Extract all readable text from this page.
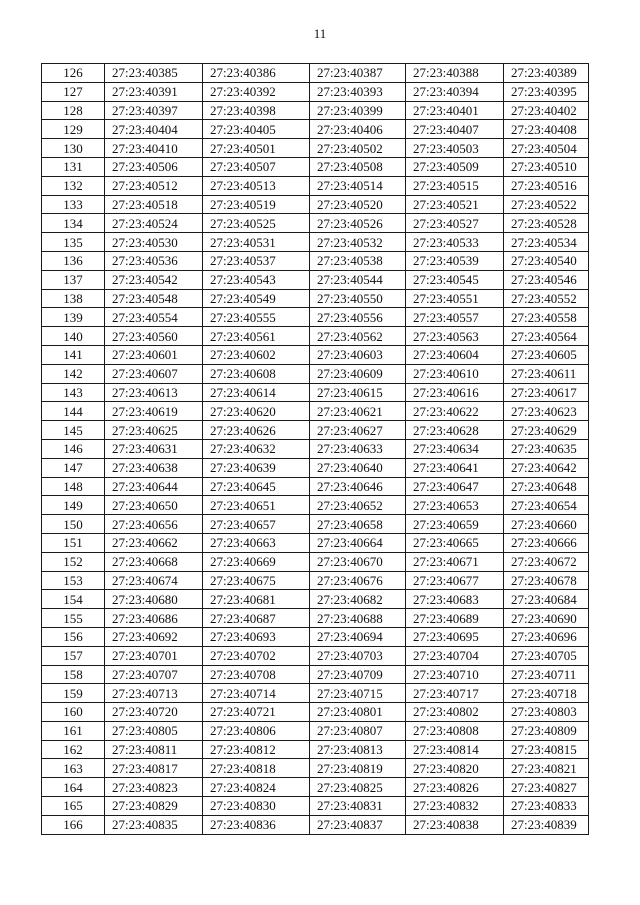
11
126	27:23:40385	27:23:40386	27:23:40387	27:23:40388	27:23:40389
127	27:23:40391	27:23:40392	27:23:40393	27:23:40394	27:23:40395
128	27:23:40397	27:23:40398	27:23:40399	27:23:40401	27:23:40402
129	27:23:40404	27:23:40405	27:23:40406	27:23:40407	27:23:40408
130	27:23:40410	27:23:40501	27:23:40502	27:23:40503	27:23:40504
131	27:23:40506	27:23:40507	27:23:40508	27:23:40509	27:23:40510
132	27:23:40512	27:23:40513	27:23:40514	27:23:40515	27:23:40516
133	27:23:40518	27:23:40519	27:23:40520	27:23:40521	27:23:40522
134	27:23:40524	27:23:40525	27:23:40526	27:23:40527	27:23:40528
135	27:23:40530	27:23:40531	27:23:40532	27:23:40533	27:23:40534
136	27:23:40536	27:23:40537	27:23:40538	27:23:40539	27:23:40540
137	27:23:40542	27:23:40543	27:23:40544	27:23:40545	27:23:40546
138	27:23:40548	27:23:40549	27:23:40550	27:23:40551	27:23:40552
139	27:23:40554	27:23:40555	27:23:40556	27:23:40557	27:23:40558
140	27:23:40560	27:23:40561	27:23:40562	27:23:40563	27:23:40564
141	27:23:40601	27:23:40602	27:23:40603	27:23:40604	27:23:40605
142	27:23:40607	27:23:40608	27:23:40609	27:23:40610	27:23:40611
143	27:23:40613	27:23:40614	27:23:40615	27:23:40616	27:23:40617
144	27:23:40619	27:23:40620	27:23:40621	27:23:40622	27:23:40623
145	27:23:40625	27:23:40626	27:23:40627	27:23:40628	27:23:40629
146	27:23:40631	27:23:40632	27:23:40633	27:23:40634	27:23:40635
147	27:23:40638	27:23:40639	27:23:40640	27:23:40641	27:23:40642
148	27:23:40644	27:23:40645	27:23:40646	27:23:40647	27:23:40648
149	27:23:40650	27:23:40651	27:23:40652	27:23:40653	27:23:40654
150	27:23:40656	27:23:40657	27:23:40658	27:23:40659	27:23:40660
151	27:23:40662	27:23:40663	27:23:40664	27:23:40665	27:23:40666
152	27:23:40668	27:23:40669	27:23:40670	27:23:40671	27:23:40672
153	27:23:40674	27:23:40675	27:23:40676	27:23:40677	27:23:40678
154	27:23:40680	27:23:40681	27:23:40682	27:23:40683	27:23:40684
155	27:23:40686	27:23:40687	27:23:40688	27:23:40689	27:23:40690
156	27:23:40692	27:23:40693	27:23:40694	27:23:40695	27:23:40696
157	27:23:40701	27:23:40702	27:23:40703	27:23:40704	27:23:40705
158	27:23:40707	27:23:40708	27:23:40709	27:23:40710	27:23:40711
159	27:23:40713	27:23:40714	27:23:40715	27:23:40717	27:23:40718
160	27:23:40720	27:23:40721	27:23:40801	27:23:40802	27:23:40803
161	27:23:40805	27:23:40806	27:23:40807	27:23:40808	27:23:40809
162	27:23:40811	27:23:40812	27:23:40813	27:23:40814	27:23:40815
163	27:23:40817	27:23:40818	27:23:40819	27:23:40820	27:23:40821
164	27:23:40823	27:23:40824	27:23:40825	27:23:40826	27:23:40827
165	27:23:40829	27:23:40830	27:23:40831	27:23:40832	27:23:40833
166	27:23:40835	27:23:40836	27:23:40837	27:23:40838	27:23:40839
